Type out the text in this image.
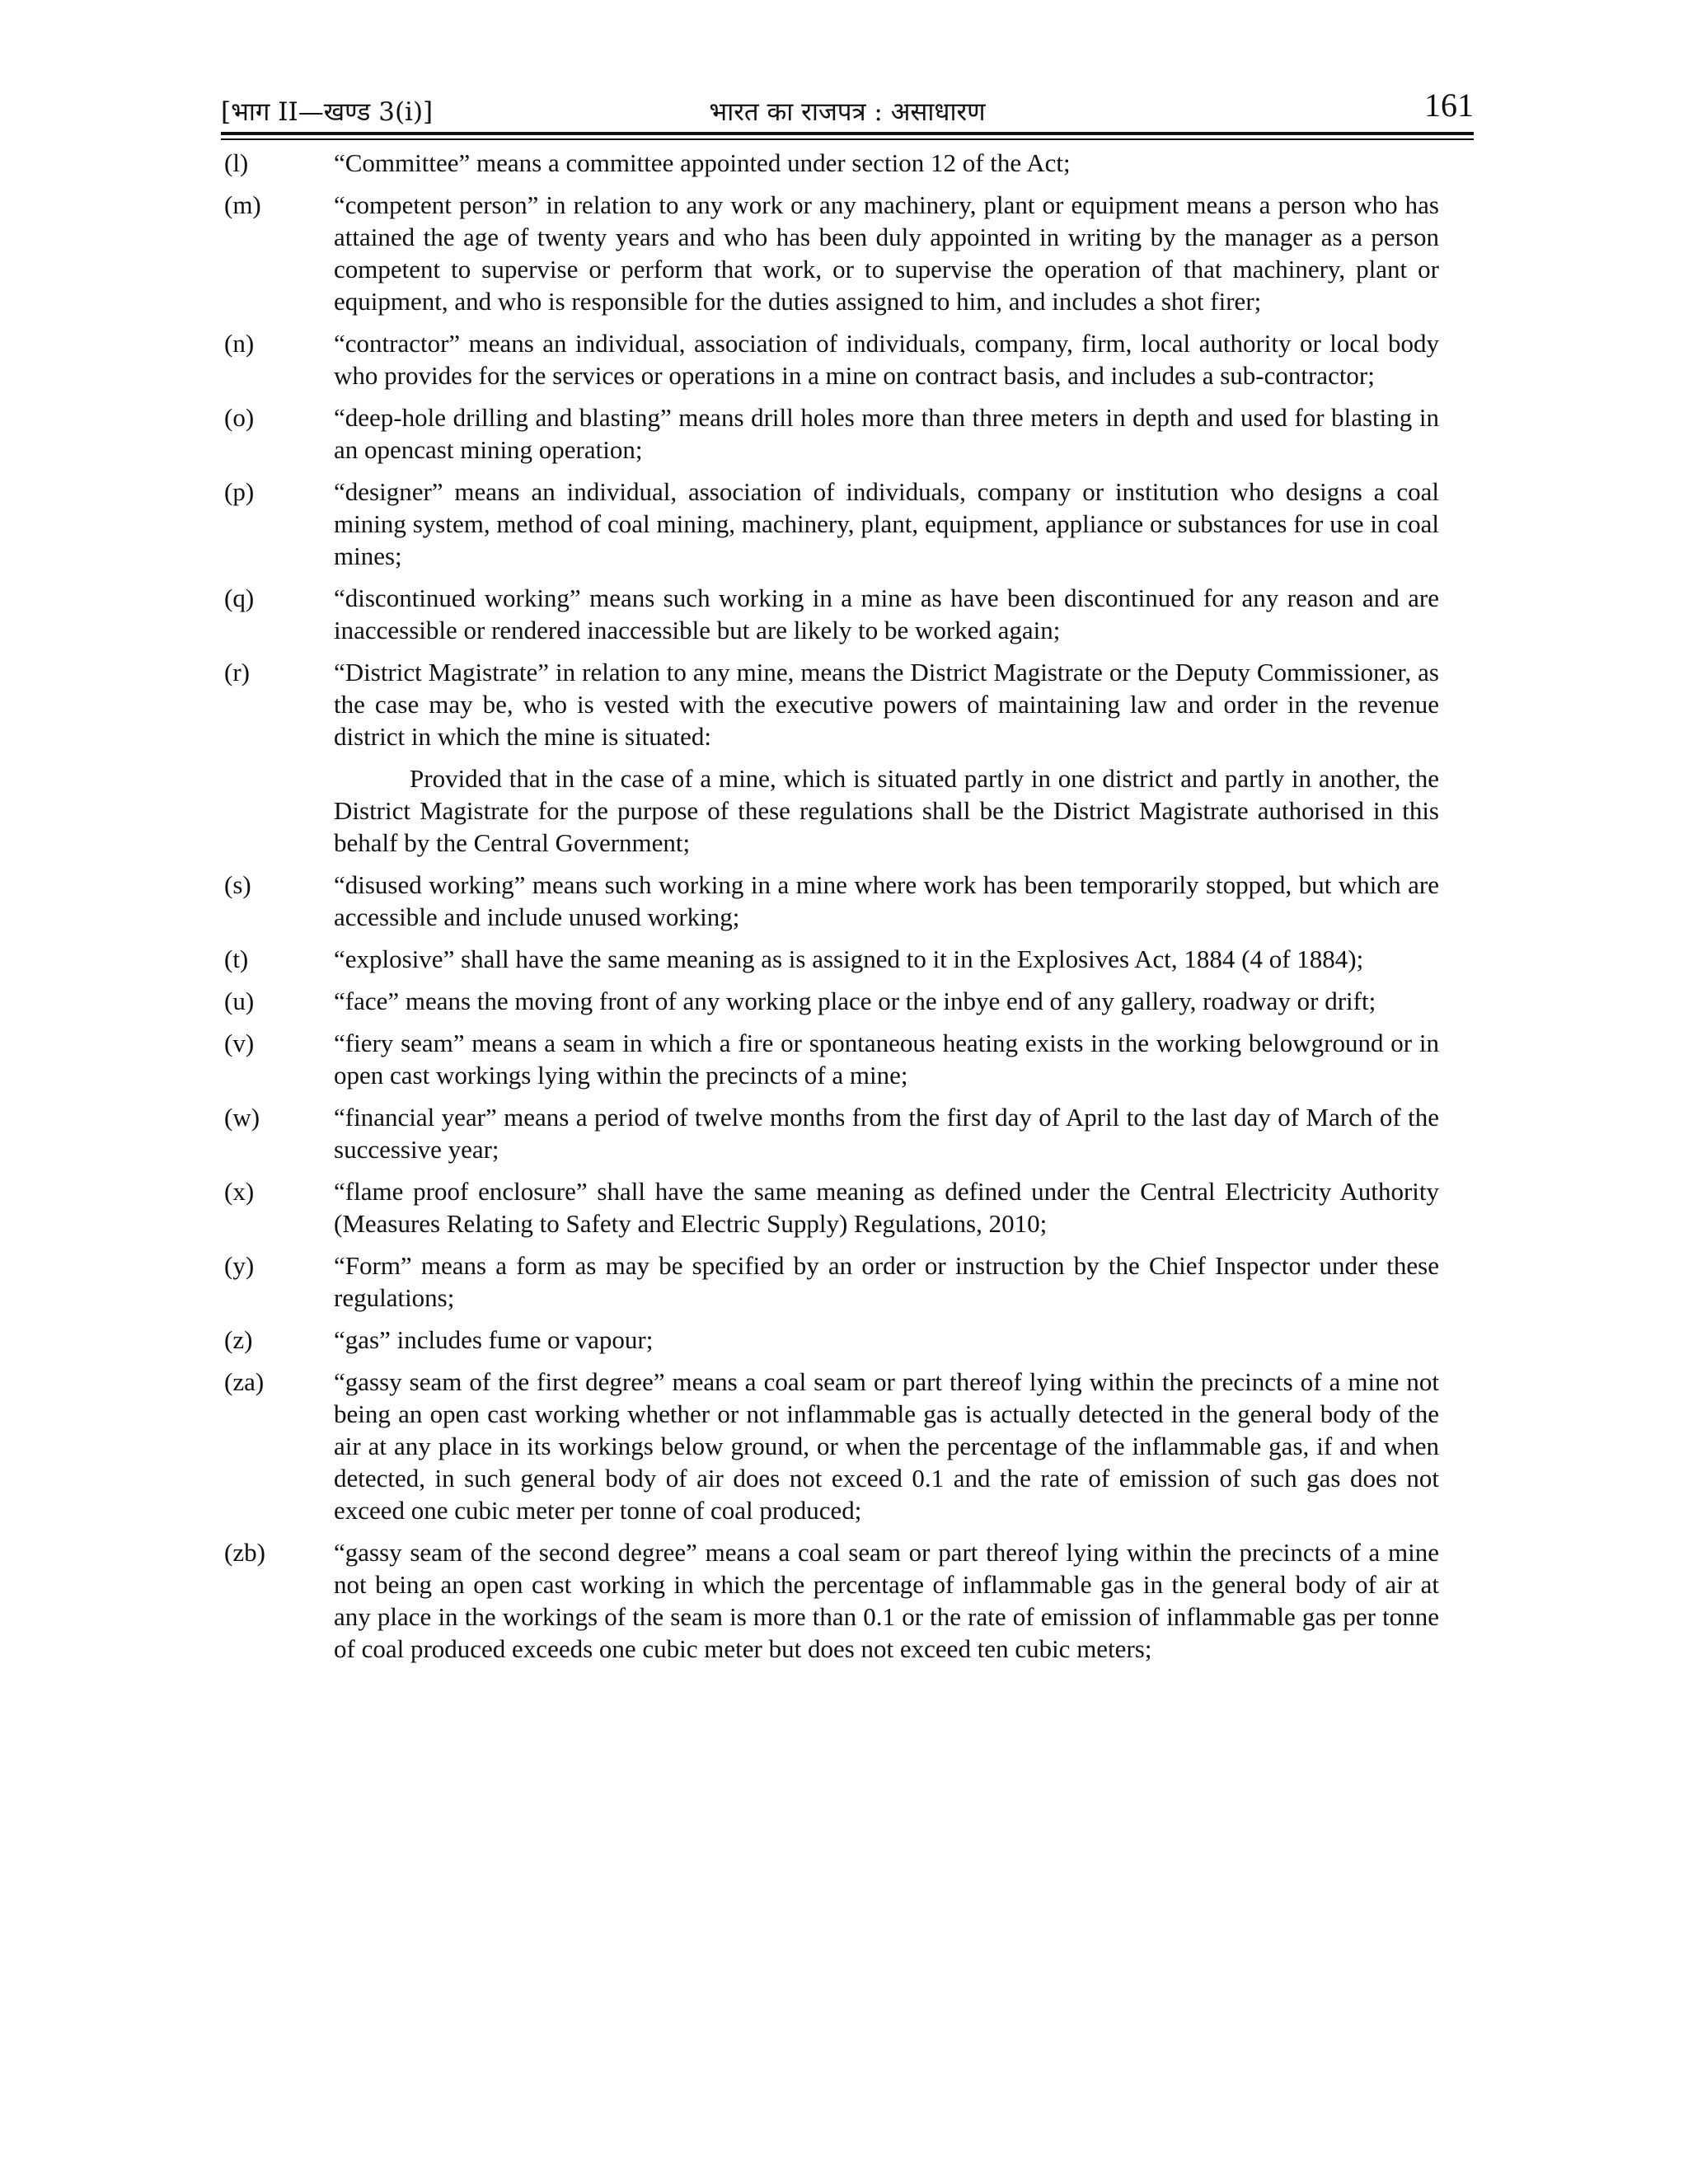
[भाग II—खण्ड 3(i)]	भारत का राजपत्र : असाधारण	161
(l)	“Committee” means a committee appointed under section 12 of the Act;
(m)	“competent person” in relation to any work or any machinery, plant or equipment means a person who has attained the age of twenty years and who has been duly appointed in writing by the manager as a person competent to supervise or perform that work, or to supervise the operation of that machinery, plant or equipment, and who is responsible for the duties assigned to him, and includes a shot firer;
(n)	“contractor” means an individual, association of individuals, company, firm, local authority or local body who provides for the services or operations in a mine on contract basis, and includes a sub-contractor;
(o)	“deep-hole drilling and blasting” means drill holes more than three meters in depth and used for blasting in an opencast mining operation;
(p)	“designer” means an individual, association of individuals, company or institution who designs a coal mining system, method of coal mining, machinery, plant, equipment, appliance or substances for use in coal mines;
(q)	“discontinued working” means such working in a mine as have been discontinued for any reason and are inaccessible or rendered inaccessible but are likely to be worked again;
(r)	“District Magistrate” in relation to any mine, means the District Magistrate or the Deputy Commissioner, as the case may be, who is vested with the executive powers of maintaining law and order in the revenue district in which the mine is situated:
Provided that in the case of a mine, which is situated partly in one district and partly in another, the District Magistrate for the purpose of these regulations shall be the District Magistrate authorised in this behalf by the Central Government;
(s)	“disused working” means such working in a mine where work has been temporarily stopped, but which are accessible and include unused working;
(t)	“explosive” shall have the same meaning as is assigned to it in the Explosives Act, 1884 (4 of 1884);
(u)	“face” means the moving front of any working place or the inbye end of any gallery, roadway or drift;
(v)	“fiery seam” means a seam in which a fire or spontaneous heating exists in the working belowground or in open cast workings lying within the precincts of a mine;
(w)	“financial year” means a period of twelve months from the first day of April to the last day of March of the successive year;
(x)	“flame proof enclosure” shall have the same meaning as defined under the Central Electricity Authority (Measures Relating to Safety and Electric Supply) Regulations, 2010;
(y)	“Form” means a form as may be specified by an order or instruction by the Chief Inspector under these regulations;
(z)	“gas” includes fume or vapour;
(za)	“gassy seam of the first degree” means a coal seam or part thereof lying within the precincts of a mine not being an open cast working whether or not inflammable gas is actually detected in the general body of the air at any place in its workings below ground, or when the percentage of the inflammable gas, if and when detected, in such general body of air does not exceed 0.1 and the rate of emission of such gas does not exceed one cubic meter per tonne of coal produced;
(zb)	“gassy seam of the second degree” means a coal seam or part thereof lying within the precincts of a mine not being an open cast working in which the percentage of inflammable gas in the general body of air at any place in the workings of the seam is more than 0.1 or the rate of emission of inflammable gas per tonne of coal produced exceeds one cubic meter but does not exceed ten cubic meters;
